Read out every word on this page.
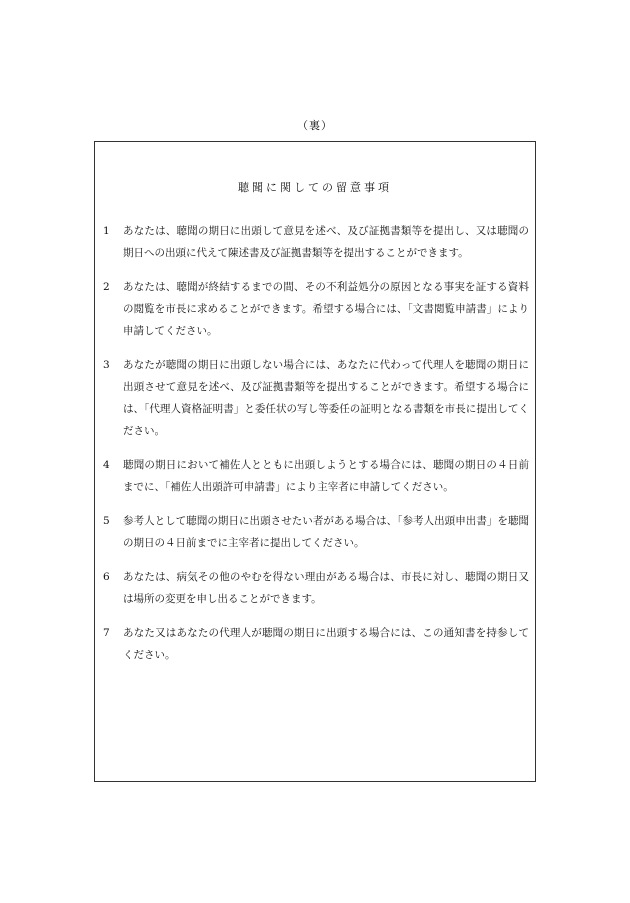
（裏）
聴聞に関しての留意事項
1 あなたは、聴聞の期日に出頭して意見を述べ、及び証拠書類等を提出し、又は聴聞の期日への出頭に代えて陳述書及び証拠書類等を提出することができます。
2 あなたは、聴聞が終結するまでの間、その不利益処分の原因となる事実を証する資料の閲覧を市長に求めることができます。希望する場合には、「文書閲覧申請書」により申請してください。
3 あなたが聴聞の期日に出頭しない場合には、あなたに代わって代理人を聴聞の期日に出頭させて意見を述べ、及び証拠書類等を提出することができます。希望する場合には、「代理人資格証明書」と委任状の写し等委任の証明となる書類を市長に提出してください。
4 聴聞の期日において補佐人とともに出頭しようとする場合には、聴聞の期日の４日前までに、「補佐人出頭許可申請書」により主宰者に申請してください。
5 参考人として聴聞の期日に出頭させたい者がある場合は、「参考人出頭申出書」を聴聞の期日の４日前までに主宰者に提出してください。
6 あなたは、病気その他のやむを得ない理由がある場合は、市長に対し、聴聞の期日又は場所の変更を申し出ることができます。
7 あなた又はあなたの代理人が聴聞の期日に出頭する場合には、この通知書を持参してください。
